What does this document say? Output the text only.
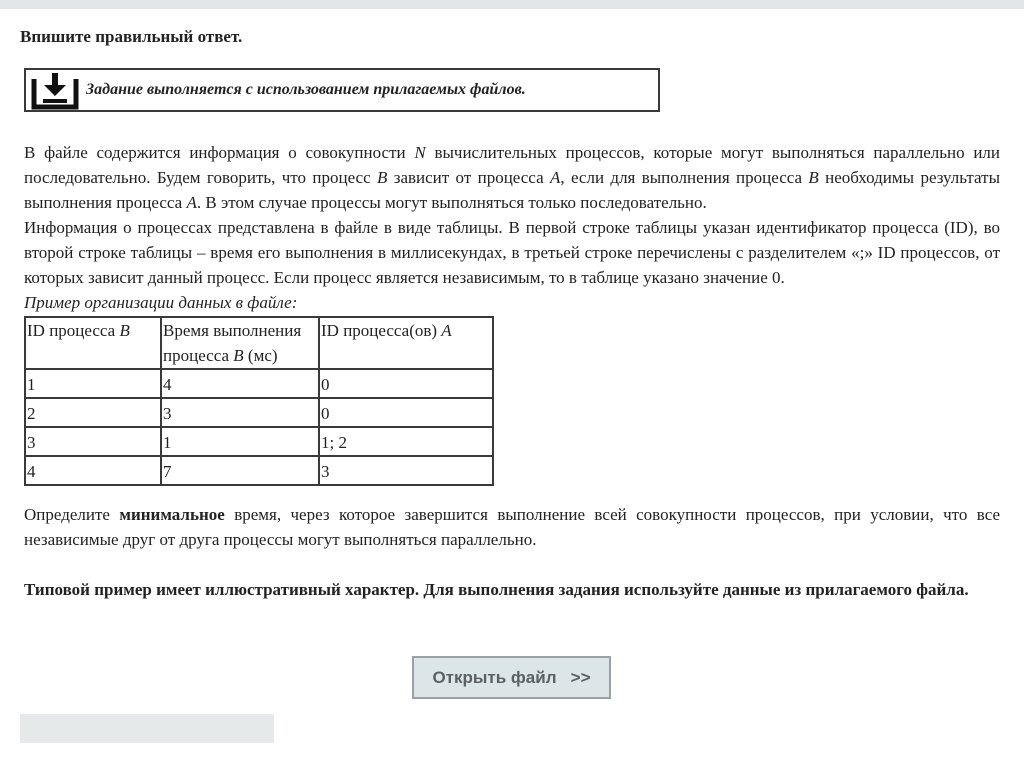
Впишите правильный ответ.
Задание выполняется с использованием прилагаемых файлов.
В файле содержится информация о совокупности N вычислительных процессов, которые могут выполняться параллельно или последовательно. Будем говорить, что процесс B зависит от процесса A, если для выполнения процесса B необходимы результаты выполнения процесса A. В этом случае процессы могут выполняться только последовательно.
Информация о процессах представлена в файле в виде таблицы. В первой строке таблицы указан идентификатор процесса (ID), во второй строке таблицы – время его выполнения в миллисекундах, в третьей строке перечислены с разделителем «;» ID процессов, от которых зависит данный процесс. Если процесс является независимым, то в таблице указано значение 0.
Пример организации данных в файле:
ID процесса B	Время выполнения процесса B (мс)	ID процесса(ов) A
1	4	0
2	3	0
3	1	1; 2
4	7	3
Определите минимальное время, через которое завершится выполнение всей совокупности процессов, при условии, что все независимые друг от друга процессы могут выполняться параллельно.
Типовой пример имеет иллюстративный характер. Для выполнения задания используйте данные из прилагаемого файла.
Открыть файл   >>
